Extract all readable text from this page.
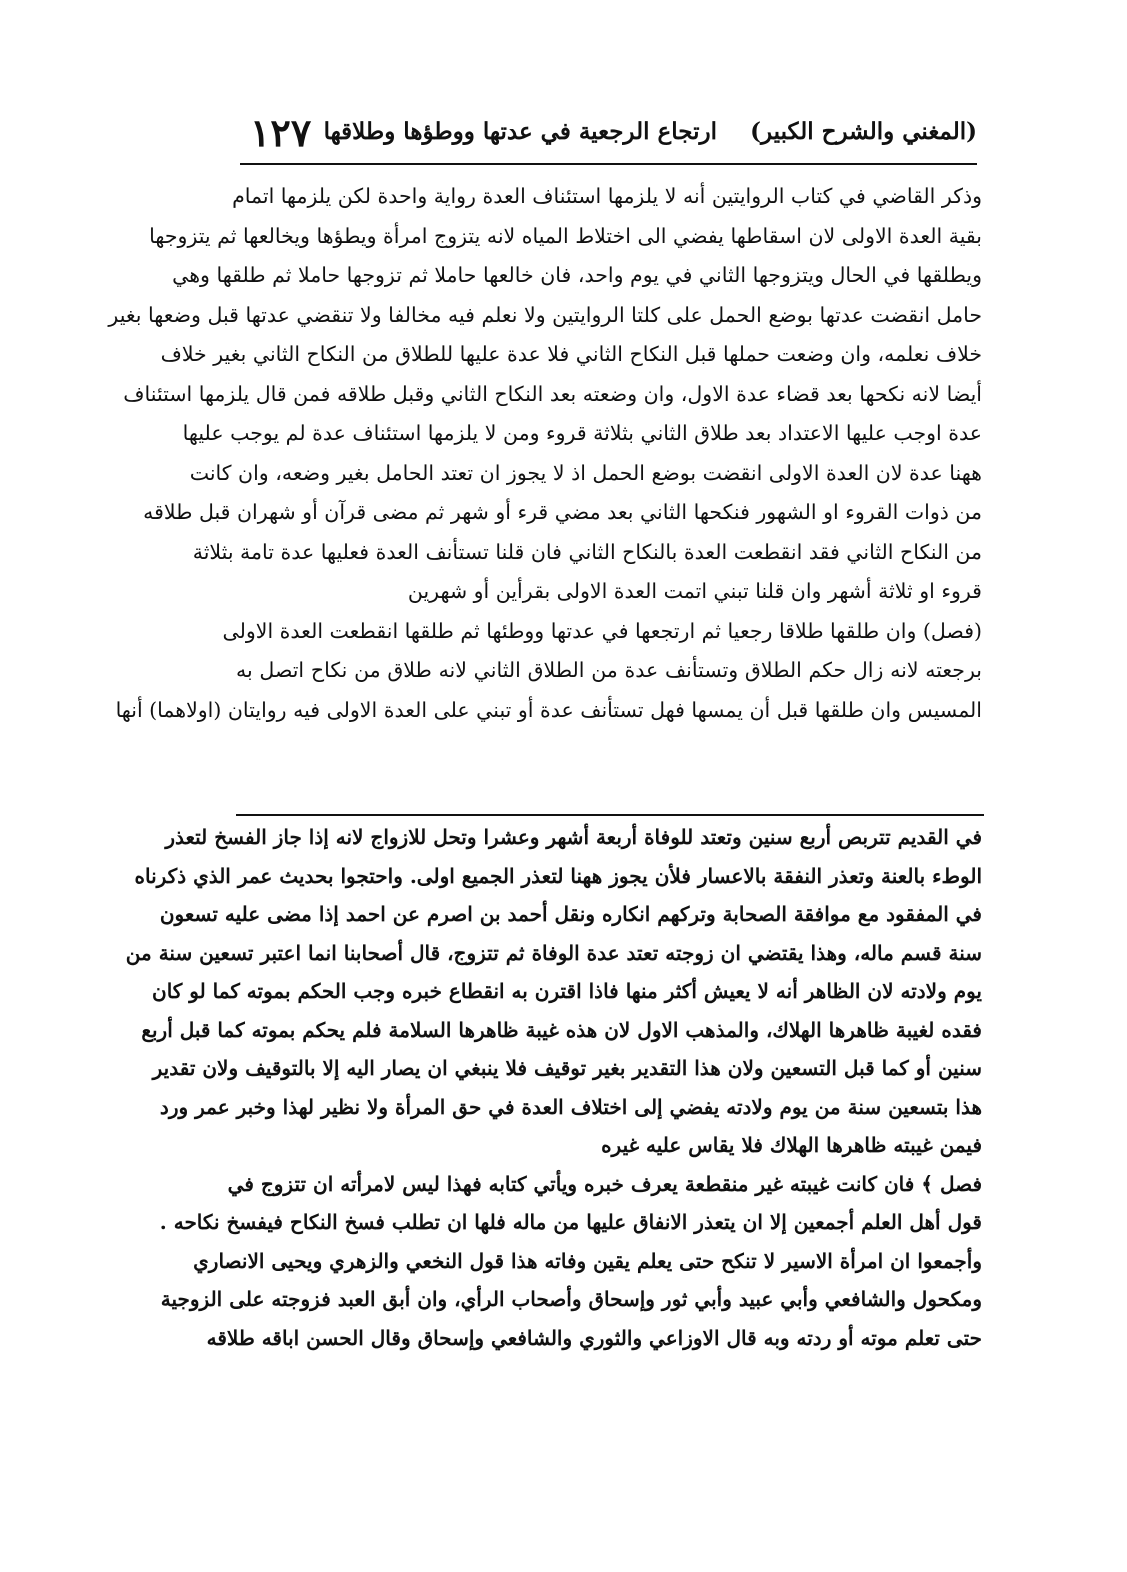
(المغني والشرح الكبير)
ارتجاع الرجعية في عدتها ووطؤها وطلاقها
١٢٧
وذكر القاضي في كتاب الروايتين أنه لا يلزمها استئناف العدة رواية واحدة لكن يلزمها اتمام
بقية العدة الاولى لان اسقاطها يفضي الى اختلاط المياه لانه يتزوج امرأة ويطؤها ويخالعها ثم يتزوجها
ويطلقها في الحال ويتزوجها الثاني في يوم واحد، فان خالعها حاملا ثم تزوجها حاملا ثم طلقها وهي
حامل انقضت عدتها بوضع الحمل على كلتا الروايتين ولا نعلم فيه مخالفا ولا تنقضي عدتها قبل وضعها بغير
خلاف نعلمه، وان وضعت حملها قبل النكاح الثاني فلا عدة عليها للطلاق من النكاح الثاني بغير خلاف
أيضا لانه نكحها بعد قضاء عدة الاول، وان وضعته بعد النكاح الثاني وقبل طلاقه فمن قال يلزمها استئناف
عدة اوجب عليها الاعتداد بعد طلاق الثاني بثلاثة قروء ومن لا يلزمها استئناف عدة لم يوجب عليها
ههنا عدة لان العدة الاولى انقضت بوضع الحمل اذ لا يجوز ان تعتد الحامل بغير وضعه، وان كانت
من ذوات القروء او الشهور فنكحها الثاني بعد مضي قرء أو شهر ثم مضى قرآن أو شهران قبل طلاقه
من النكاح الثاني فقد انقطعت العدة بالنكاح الثاني فان قلنا تستأنف العدة فعليها عدة تامة بثلاثة
قروء او ثلاثة أشهر وان قلنا تبني اتمت العدة الاولى بقرأين أو شهرين
(فصل) وان طلقها طلاقا رجعيا ثم ارتجعها في عدتها ووطئها ثم طلقها انقطعت العدة الاولى
برجعته لانه زال حكم الطلاق وتستأنف عدة من الطلاق الثاني لانه طلاق من نكاح اتصل به
المسيس وان طلقها قبل أن يمسها فهل تستأنف عدة أو تبني على العدة الاولى فيه روايتان (اولاهما) أنها
في القديم تتربص أربع سنين وتعتد للوفاة أربعة أشهر وعشرا وتحل للازواج لانه إذا جاز الفسخ لتعذر
الوطء بالعنة وتعذر النفقة بالاعسار فلأن يجوز ههنا لتعذر الجميع اولى. واحتجوا بحديث عمر الذي ذكرناه
في المفقود مع موافقة الصحابة وتركهم انكاره ونقل أحمد بن اصرم عن احمد إذا مضى عليه تسعون
سنة قسم ماله، وهذا يقتضي ان زوجته تعتد عدة الوفاة ثم تتزوج، قال أصحابنا انما اعتبر تسعين سنة من
يوم ولادته لان الظاهر أنه لا يعيش أكثر منها فاذا اقترن به انقطاع خبره وجب الحكم بموته كما لو كان
فقده لغيبة ظاهرها الهلاك، والمذهب الاول لان هذه غيبة ظاهرها السلامة فلم يحكم بموته كما قبل أربع
سنين أو كما قبل التسعين ولان هذا التقدير بغير توقيف فلا ينبغي ان يصار اليه إلا بالتوقيف ولان تقدير
هذا بتسعين سنة من يوم ولادته يفضي إلى اختلاف العدة في حق المرأة ولا نظير لهذا وخبر عمر ورد
فيمن غيبته ظاهرها الهلاك فلا يقاس عليه غيره
فصل ﴾ فان كانت غيبته غير منقطعة يعرف خبره ويأتي كتابه فهذا ليس لامرأته ان تتزوج في
قول أهل العلم أجمعين إلا ان يتعذر الانفاق عليها من ماله فلها ان تطلب فسخ النكاح فيفسخ نكاحه .
وأجمعوا ان امرأة الاسير لا تنكح حتى يعلم يقين وفاته هذا قول النخعي والزهري ويحيى الانصاري
ومكحول والشافعي وأبي عبيد وأبي ثور وإسحاق وأصحاب الرأي، وان أبق العبد فزوجته على الزوجية
حتى تعلم موته أو ردته وبه قال الاوزاعي والثوري والشافعي وإسحاق وقال الحسن اباقه طلاقه
